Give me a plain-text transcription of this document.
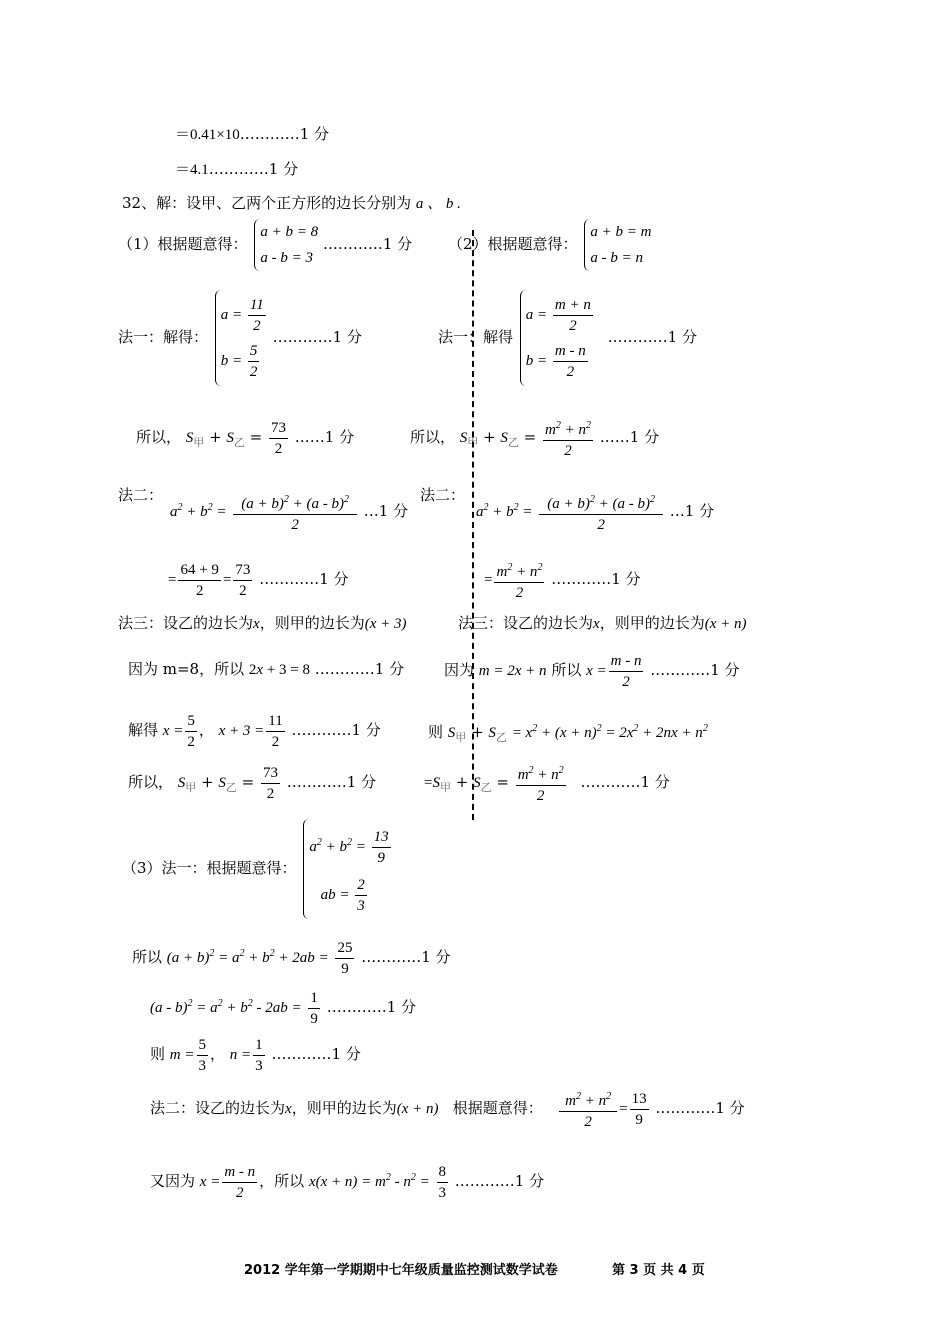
＝0.41×10…………1 分
＝4.1…………1 分
32、解：设甲、乙两个正方形的边长分别为 a 、 b .
（1）根据题意得：
a + b = 8
a - b = 3
…………1 分 （2）根据题意得：
a + b = m
a - b = n
法一：解得：
$a = \frac{11}{2}$
$b = \frac{5}{2}$
…………1 分	法一：解得
$a = \frac{m + n}{2}$
$b = \frac{m - n}{2}$
…………1 分
所以， $S_甲 + S_乙 = \frac{73}{2}$ ……1 分	所以， $S_甲 + S_乙 = \frac{m^2 + n^2}{2}$ ……1 分
法二：
$a^2 + b^2 = \frac{(a + b)^2 + (a - b)^2}{2}$ …1 分
法二：
$a^2 + b^2 = \frac{(a + b)^2 + (a - b)^2}{2}$ …1 分
= $\frac{64 + 9}{2} = \frac{73}{2}$ …………1 分	= $\frac{m^2 + n^2}{2}$ …………1 分
法三：设乙的边长为x，则甲的边长为(x + 3)	法三：设乙的边长为x，则甲的边长为(x + n)
因为 m=8，所以 2x + 3 = 8 …………1 分	因为 m = 2x + n 所以 $x = \frac{m - n}{2}$ …………1 分
解得 $x = \frac{5}{2}$ ， $x + 3 = \frac{11}{2}$ …………1 分	则 $S_甲 + S_乙 = x^2 + (x + n)^2 = 2x^2 + 2nx + n^2$
所以， $S_甲 + S_乙 = \frac{73}{2}$ …………1 分	$=S_甲 + S_乙 = \frac{m^2 + n^2}{2}$ …………1 分
（3）法一：根据题意得：
$a^2 + b^2 = \frac{13}{9}$
ab = $\frac{2}{3}$
所以 $(a + b)^2 = a^2 + b^2 + 2ab = \frac{25}{9}$ …………1 分
$(a - b)^2 = a^2 + b^2 - 2ab = \frac{1}{9}$ …………1 分
则 $m = \frac{5}{3}$ ， $n = \frac{1}{3}$ …………1 分
法二：设乙的边长为x，则甲的边长为(x + n) 根据题意得： $\frac{m^2 + n^2}{2} = \frac{13}{9}$ …………1 分
又因为 $x = \frac{m - n}{2}$ ，所以 $x(x + n) = m^2 - n^2 = \frac{8}{3}$ …………1 分
2012 学年第一学期期中七年级质量监控测试数学试卷	第 3 页 共 4 页
